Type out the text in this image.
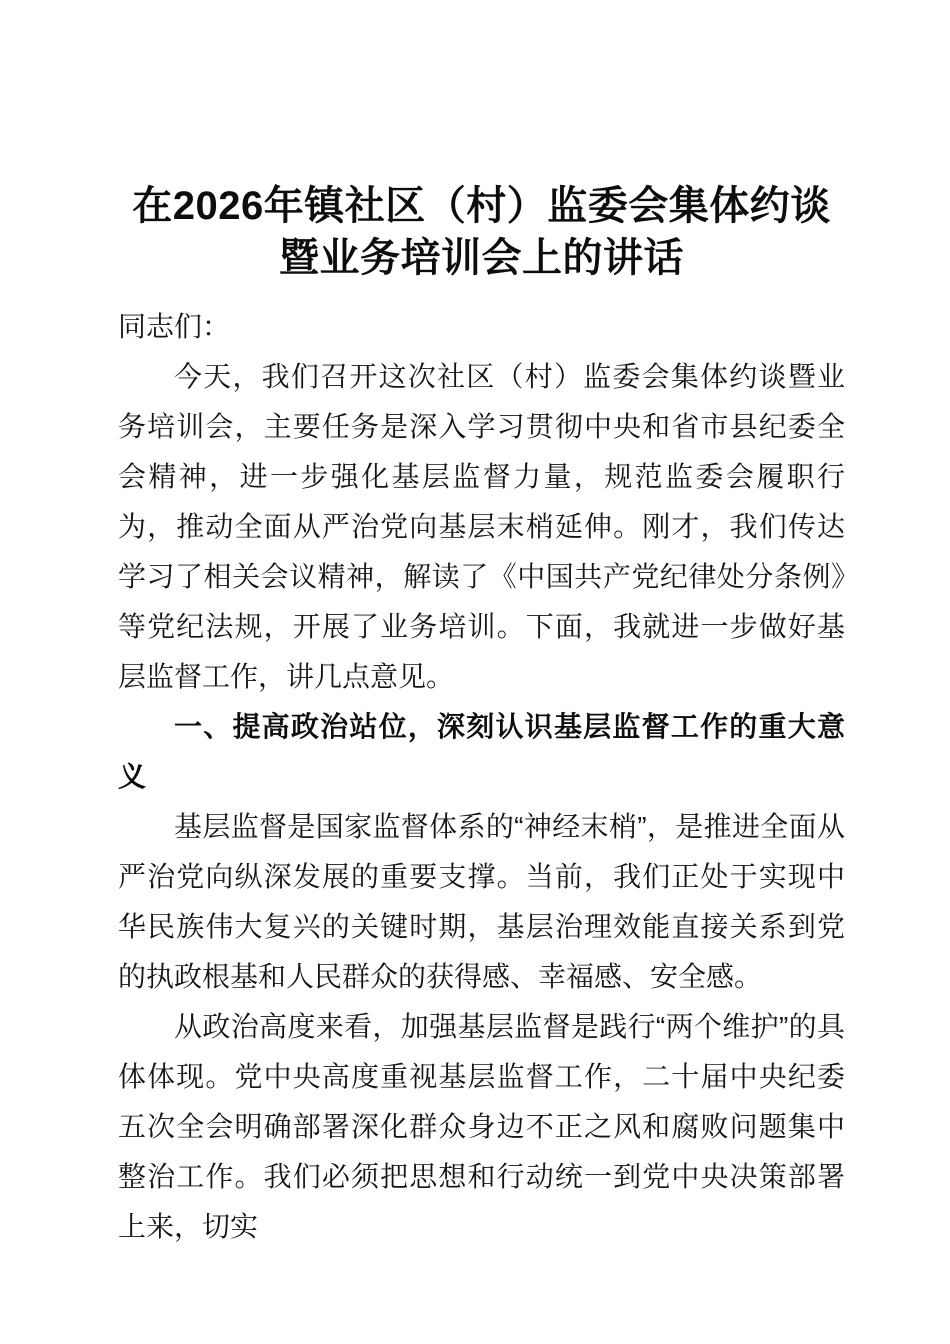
在2026年镇社区（村）监委会集体约谈暨业务培训会上的讲话

同志们：

今天，我们召开这次社区（村）监委会集体约谈暨业务培训会，主要任务是深入学习贯彻中央和省市县纪委全会精神，进一步强化基层监督力量，规范监委会履职行为，推动全面从严治党向基层末梢延伸。刚才，我们传达学习了相关会议精神，解读了《中国共产党纪律处分条例》等党纪法规，开展了业务培训。下面，我就进一步做好基层监督工作，讲几点意见。

一、提高政治站位，深刻认识基层监督工作的重大意义

基层监督是国家监督体系的“神经末梢”，是推进全面从严治党向纵深发展的重要支撑。当前，我们正处于实现中华民族伟大复兴的关键时期，基层治理效能直接关系到党的执政根基和人民群众的获得感、幸福感、安全感。

从政治高度来看，加强基层监督是践行“两个维护”的具体体现。党中央高度重视基层监督工作，二十届中央纪委五次全会明确部署深化群众身边不正之风和腐败问题集中整治工作。我们必须把思想和行动统一到党中央决策部署上来，切实
